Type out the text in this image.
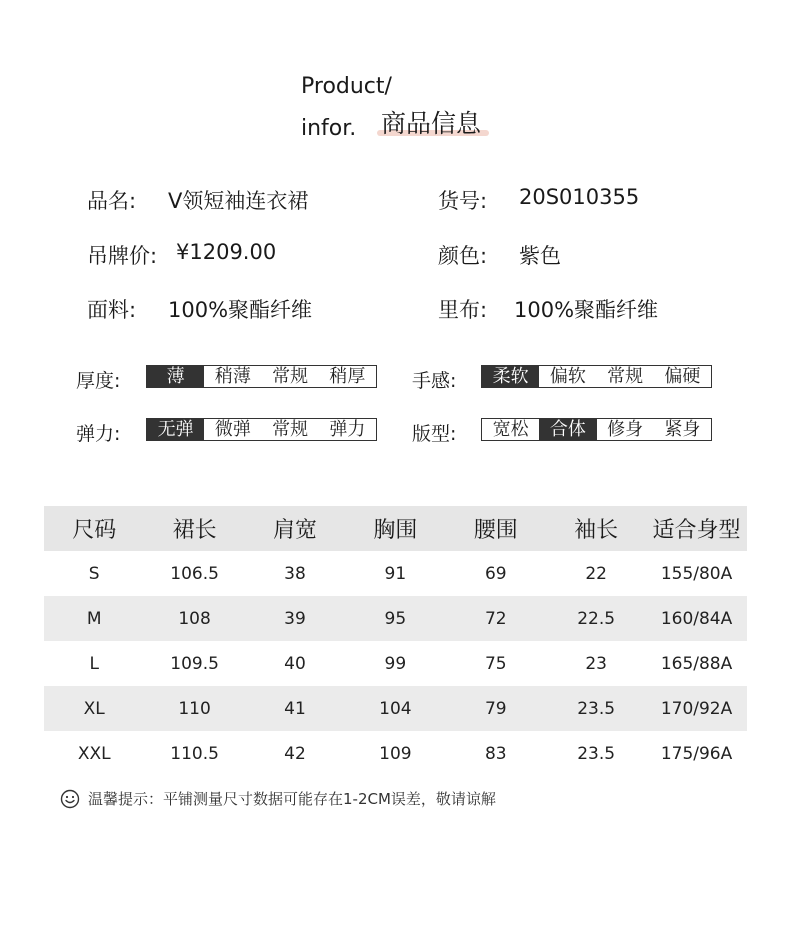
Product/
infor. 商品信息
品名: V领短袖连衣裙	货号: 20S010355
吊牌价: ¥1209.00	颜色: 紫色
面料: 100%聚酯纤维	里布: 100%聚酯纤维
厚度:	薄	稍薄	常规	稍厚	手感:	柔软	偏软	常规	偏硬
弹力:	无弹	微弹	常规	弹力	版型:	宽松	合体	修身	紧身
尺码	裙长	肩宽	胸围	腰围	袖长	适合身型
S	106.5	38	91	69	22	155/80A
M	108	39	95	72	22.5	160/84A
L	109.5	40	99	75	23	165/88A
XL	110	41	104	79	23.5	170/92A
XXL	110.5	42	109	83	23.5	175/96A
温馨提示：平铺测量尺寸数据可能存在1-2CM误差，敬请谅解
